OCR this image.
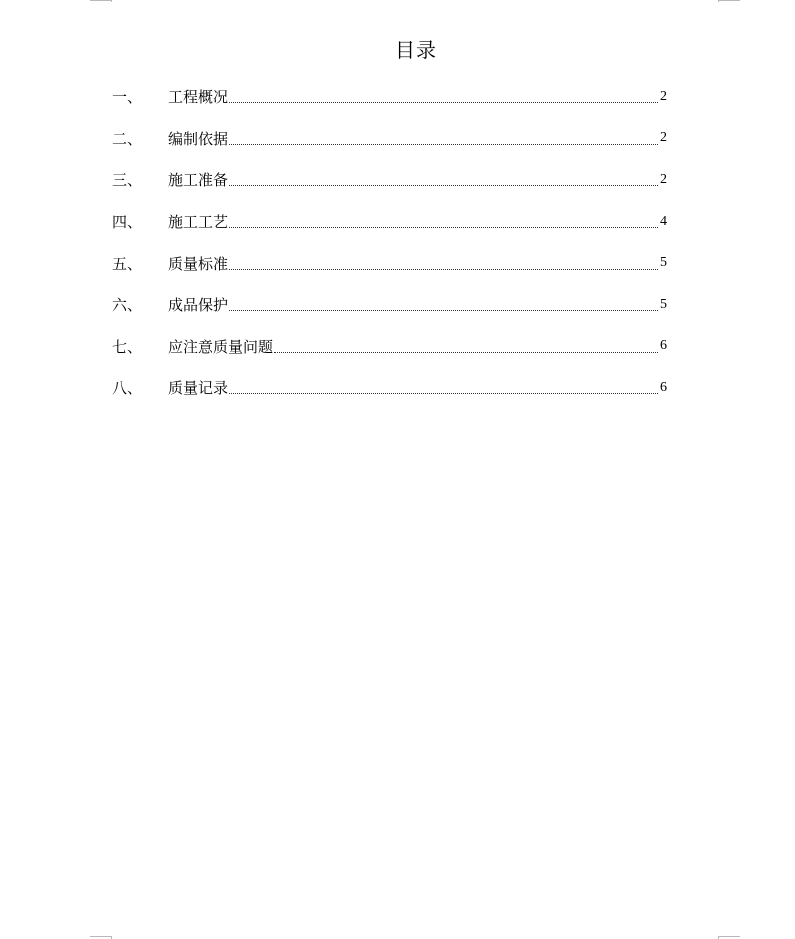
目录
一、	工程概况	2
二、	编制依据	2
三、	施工准备	2
四、	施工工艺	4
五、	质量标准	5
六、	成品保护	5
七、	应注意质量问题	6
八、	质量记录	6
